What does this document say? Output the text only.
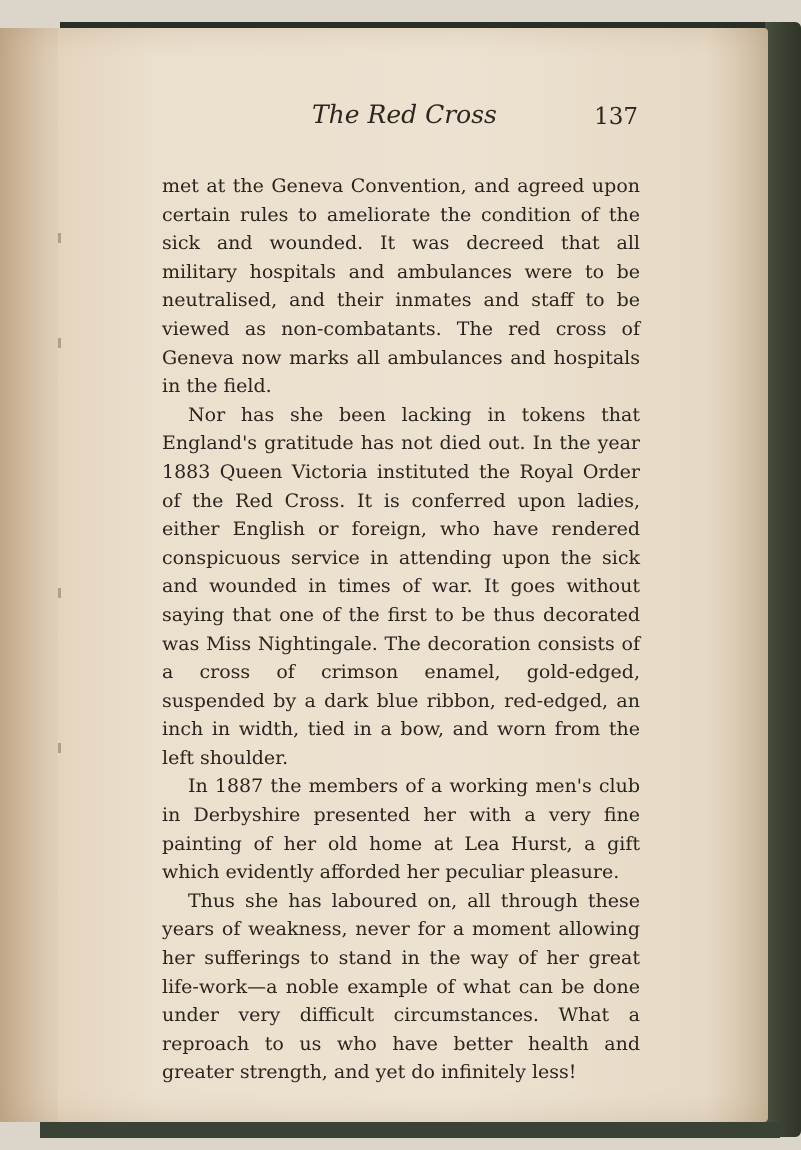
The Red Cross	137

met at the Geneva Convention, and agreed upon certain rules to ameliorate the condition of the sick and wounded. It was decreed that all military hospitals and ambulances were to be neutralised, and their inmates and staff to be viewed as non-combatants. The red cross of Geneva now marks all ambulances and hospitals in the field.

Nor has she been lacking in tokens that England's gratitude has not died out. In the year 1883 Queen Victoria instituted the Royal Order of the Red Cross. It is conferred upon ladies, either English or foreign, who have rendered conspicuous service in attending upon the sick and wounded in times of war. It goes without saying that one of the first to be thus decorated was Miss Nightingale. The decoration consists of a cross of crimson enamel, gold-edged, suspended by a dark blue ribbon, red-edged, an inch in width, tied in a bow, and worn from the left shoulder.

In 1887 the members of a working men's club in Derbyshire presented her with a very fine painting of her old home at Lea Hurst, a gift which evidently afforded her peculiar pleasure.

Thus she has laboured on, all through these years of weakness, never for a moment allowing her sufferings to stand in the way of her great life-work—a noble example of what can be done under very difficult circumstances. What a reproach to us who have better health and greater strength, and yet do infinitely less!
